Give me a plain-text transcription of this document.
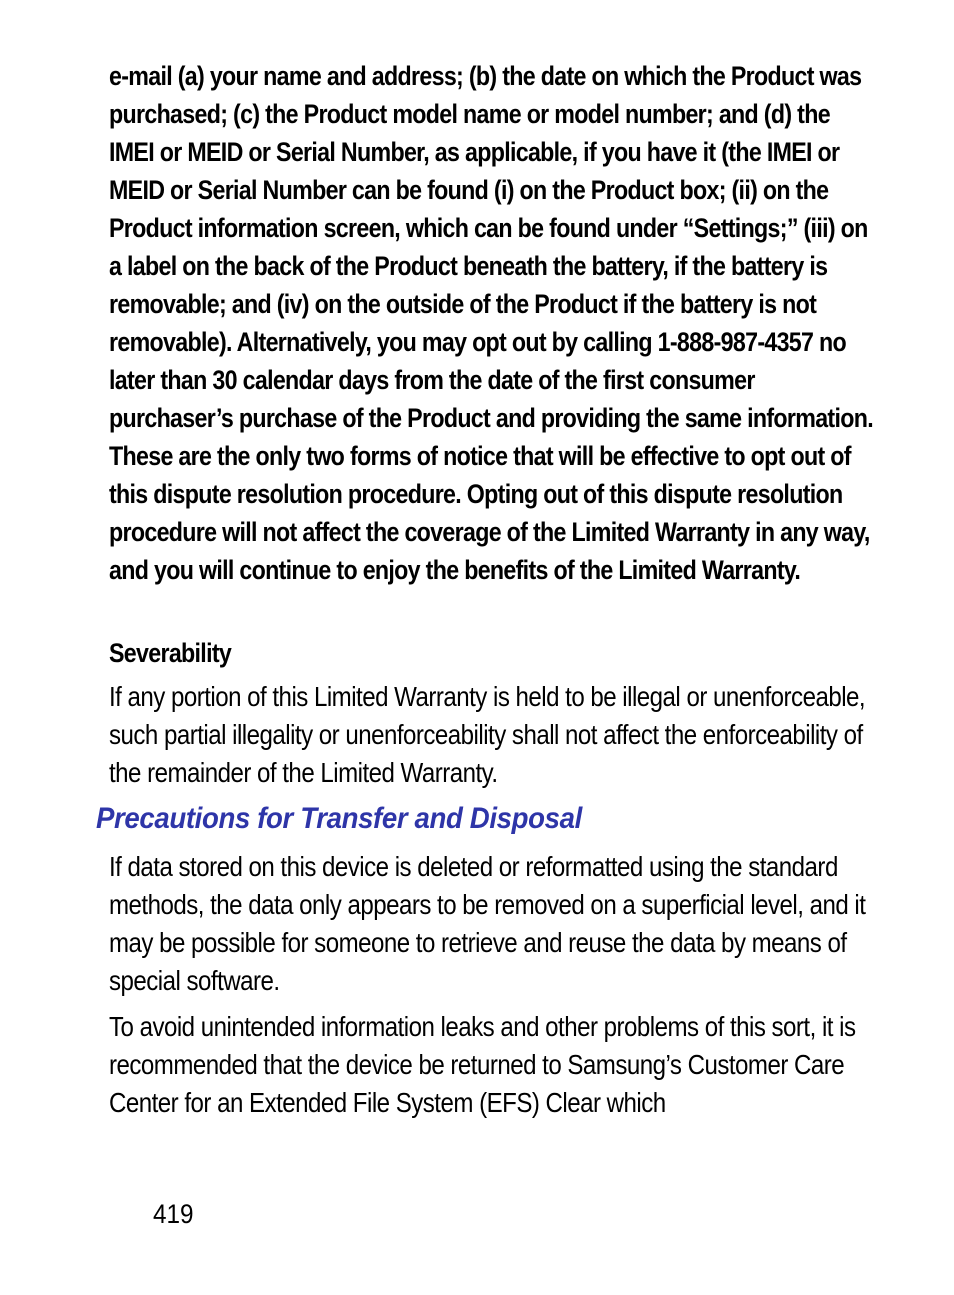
e-mail (a) your name and address; (b) the date on which the Product was purchased; (c) the Product model name or model number; and (d) the IMEI or MEID or Serial Number, as applicable, if you have it (the IMEI or MEID or Serial Number can be found (i) on the Product box; (ii) on the Product information screen, which can be found under “Settings;” (iii) on a label on the back of the Product beneath the battery, if the battery is removable; and (iv) on the outside of the Product if the battery is not removable). Alternatively, you may opt out by calling 1-888-987-4357 no later than 30 calendar days from the date of the first consumer purchaser’s purchase of the Product and providing the same information. These are the only two forms of notice that will be effective to opt out of this dispute resolution procedure. Opting out of this dispute resolution procedure will not affect the coverage of the Limited Warranty in any way, and you will continue to enjoy the benefits of the Limited Warranty.

Severability

If any portion of this Limited Warranty is held to be illegal or unenforceable, such partial illegality or unenforceability shall not affect the enforceability of the remainder of the Limited Warranty.

Precautions for Transfer and Disposal

If data stored on this device is deleted or reformatted using the standard methods, the data only appears to be removed on a superficial level, and it may be possible for someone to retrieve and reuse the data by means of special software.

To avoid unintended information leaks and other problems of this sort, it is recommended that the device be returned to Samsung’s Customer Care Center for an Extended File System (EFS) Clear which

419
